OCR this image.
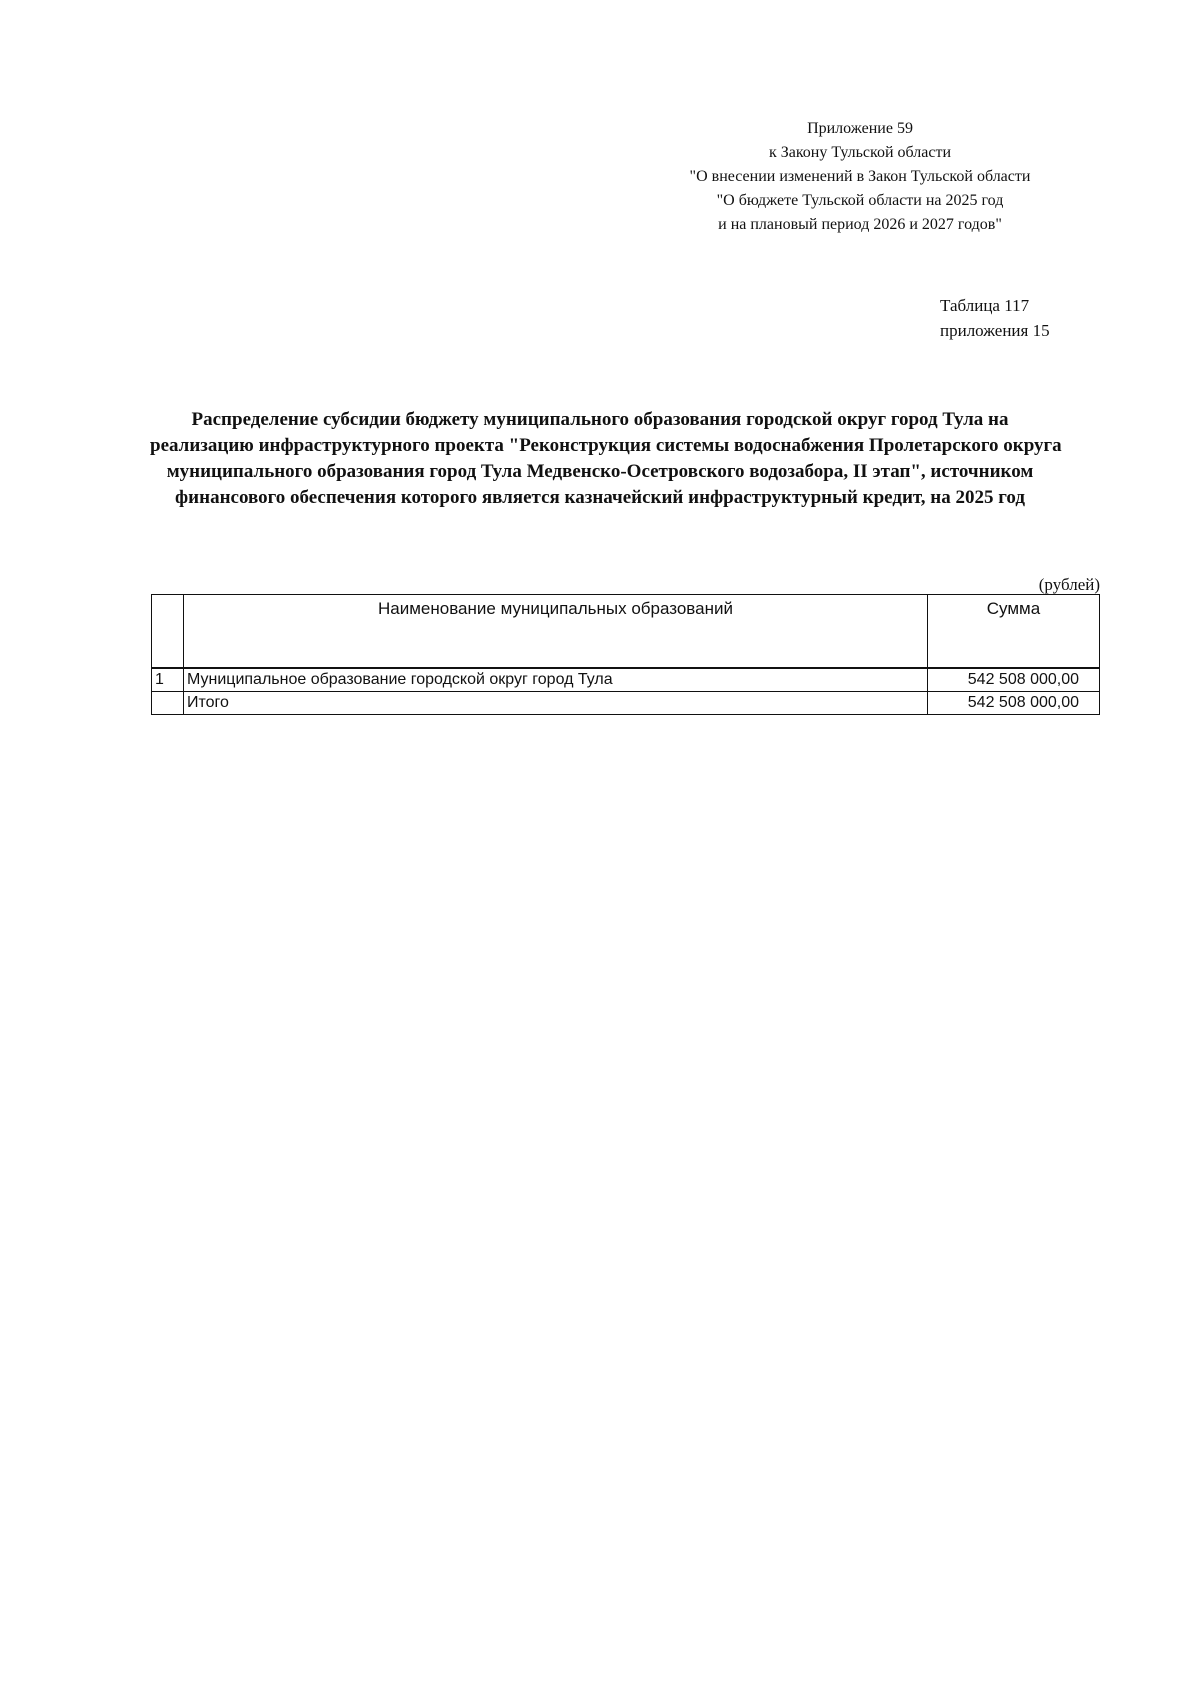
Приложение 59
к Закону Тульской области
"О внесении изменений в Закон Тульской области
"О бюджете Тульской области на 2025 год
и на плановый период 2026 и 2027 годов"
Таблица 117
приложения 15
Распределение субсидии бюджету муниципального образования городской округ город Тула на
реализацию инфраструктурного проекта "Реконструкция системы водоснабжения Пролетарского округа
муниципального образования город Тула Медвенско-Осетровского водозабора, II этап", источником
финансового обеспечения которого является казначейский инфраструктурный кредит, на 2025 год
(рублей)
	Наименование муниципальных образований	Сумма
1	Муниципальное образование городской округ город Тула	542 508 000,00
	Итого	542 508 000,00
